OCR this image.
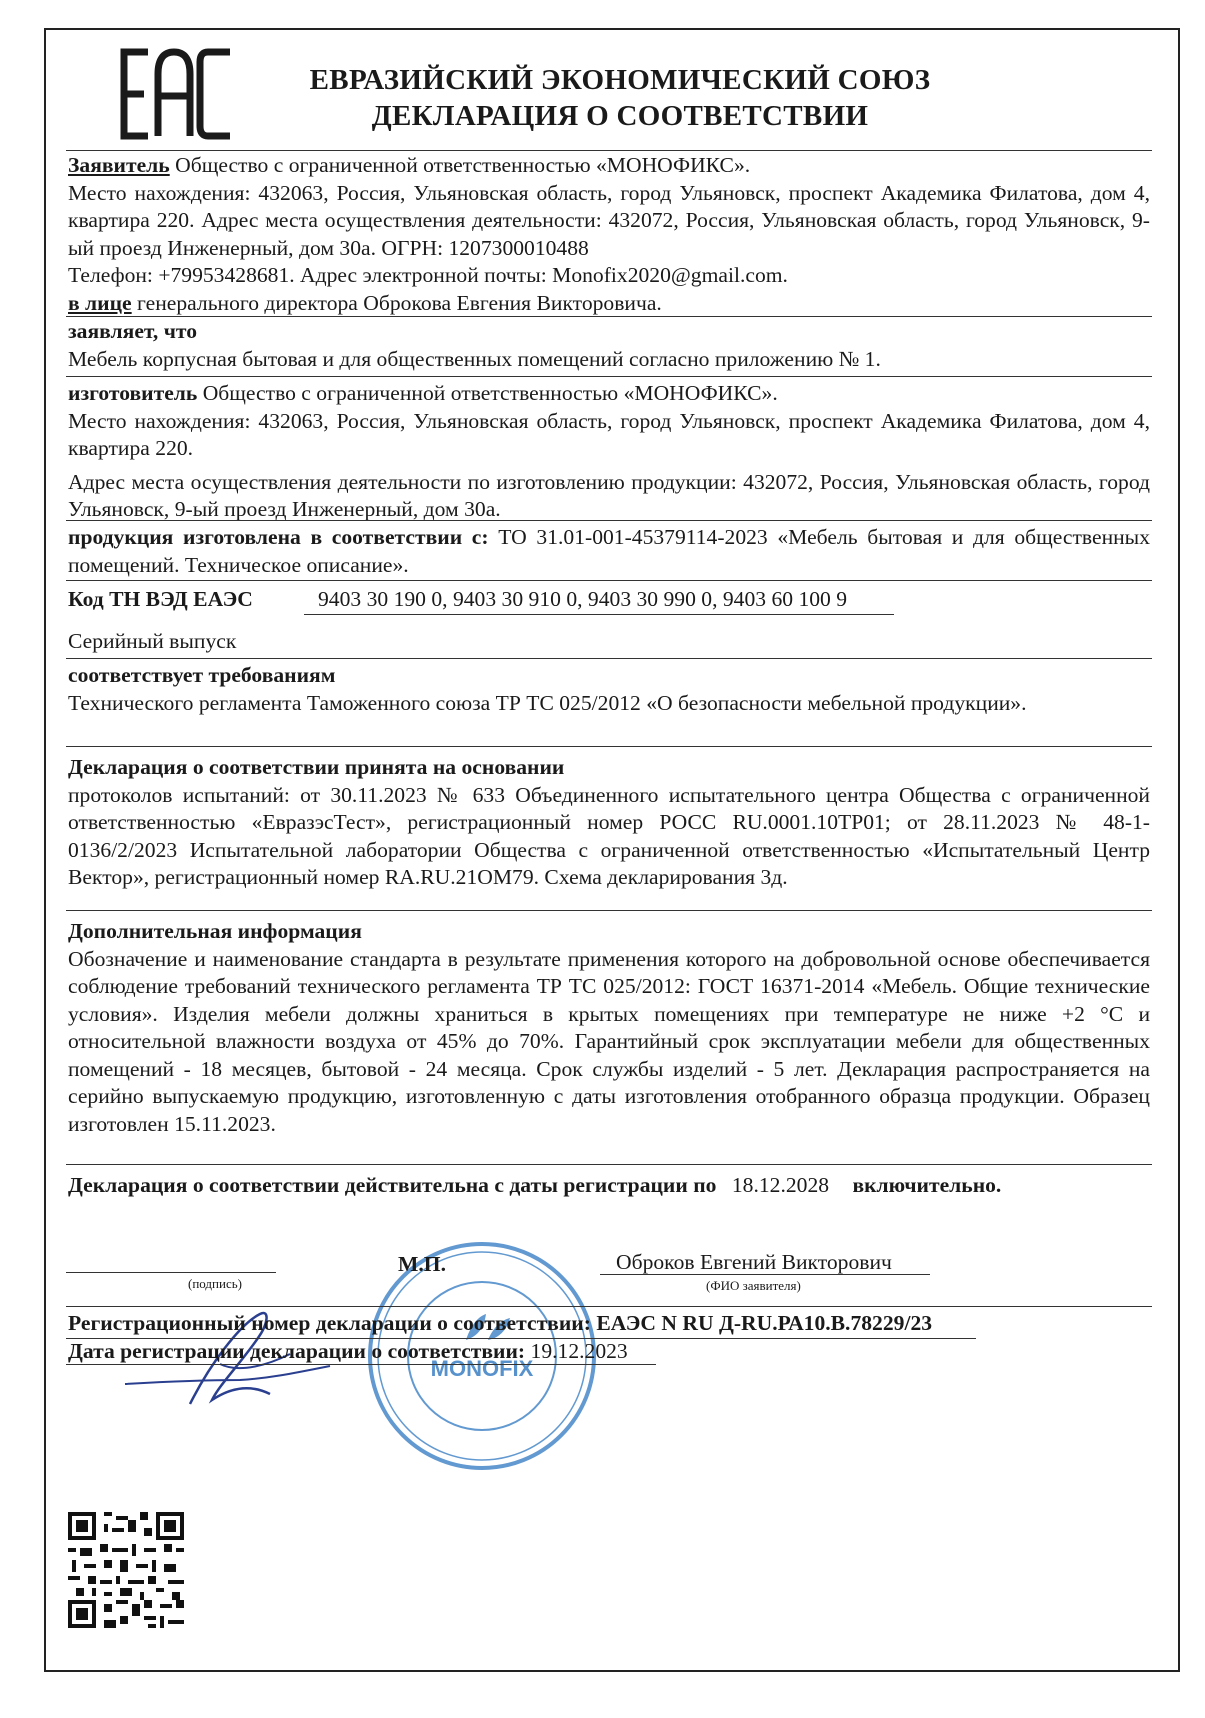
ЕВРАЗИЙСКИЙ ЭКОНОМИЧЕСКИЙ СОЮЗ
ДЕКЛАРАЦИЯ О СООТВЕТСТВИИ
Заявитель Общество с ограниченной ответственностью «МОНОФИКС».
Место нахождения: 432063, Россия, Ульяновская область, город Ульяновск, проспект Академика Филатова, дом 4, квартира 220. Адрес места осуществления деятельности: 432072, Россия, Ульяновская область, город Ульяновск, 9-ый проезд Инженерный, дом 30а. ОГРН: 1207300010488
Телефон: +79953428681. Адрес электронной почты: Monofix2020@gmail.com.
в лице генерального директора Оброкова Евгения Викторовича.
заявляет, что
Мебель корпусная бытовая и для общественных помещений согласно приложению № 1.
изготовитель Общество с ограниченной ответственностью «МОНОФИКС».
Место нахождения: 432063, Россия, Ульяновская область, город Ульяновск, проспект Академика Филатова, дом 4, квартира 220.
Адрес места осуществления деятельности по изготовлению продукции: 432072, Россия, Ульяновская область, город Ульяновск, 9-ый проезд Инженерный, дом 30а.
продукция изготовлена в соответствии с: ТО 31.01-001-45379114-2023 «Мебель бытовая и для общественных помещений. Техническое описание».
Код ТН ВЭД ЕАЭС	9403 30 190 0, 9403 30 910 0, 9403 30 990 0, 9403 60 100 9
Серийный выпуск
соответствует требованиям
Технического регламента Таможенного союза ТР ТС 025/2012 «О безопасности мебельной продукции».
Декларация о соответствии принята на основании
протоколов испытаний: от 30.11.2023 № 633 Объединенного испытательного центра Общества с ограниченной ответственностью «ЕвразэсТест», регистрационный номер РОСС RU.0001.10ТР01; от 28.11.2023 № 48-1-0136/2/2023 Испытательной лаборатории Общества с ограниченной ответственностью «Испытательный Центр Вектор», регистрационный номер RA.RU.21ОМ79. Схема декларирования 3д.
Дополнительная информация
Обозначение и наименование стандарта в результате применения которого на добровольной основе обеспечивается соблюдение требований технического регламента ТР ТС 025/2012: ГОСТ 16371-2014 «Мебель. Общие технические условия». Изделия мебели должны храниться в крытых помещениях при температуре не ниже +2 °С и относительной влажности воздуха от 45% до 70%. Гарантийный срок эксплуатации мебели для общественных помещений - 18 месяцев, бытовой - 24 месяца. Срок службы изделий - 5 лет. Декларация распространяется на серийно выпускаемую продукцию, изготовленную с даты изготовления отобранного образца продукции. Образец изготовлен 15.11.2023.
Декларация о соответствии действительна с даты регистрации по 18.12.2028 включительно.
(подпись)
MONOFIX
М.П.	Оброков Евгений Викторович
(ФИО заявителя)
Регистрационный номер декларации о соответствии: ЕАЭС N RU Д-RU.РА10.В.78229/23
Дата регистрации декларации о соответствии: 19.12.2023
